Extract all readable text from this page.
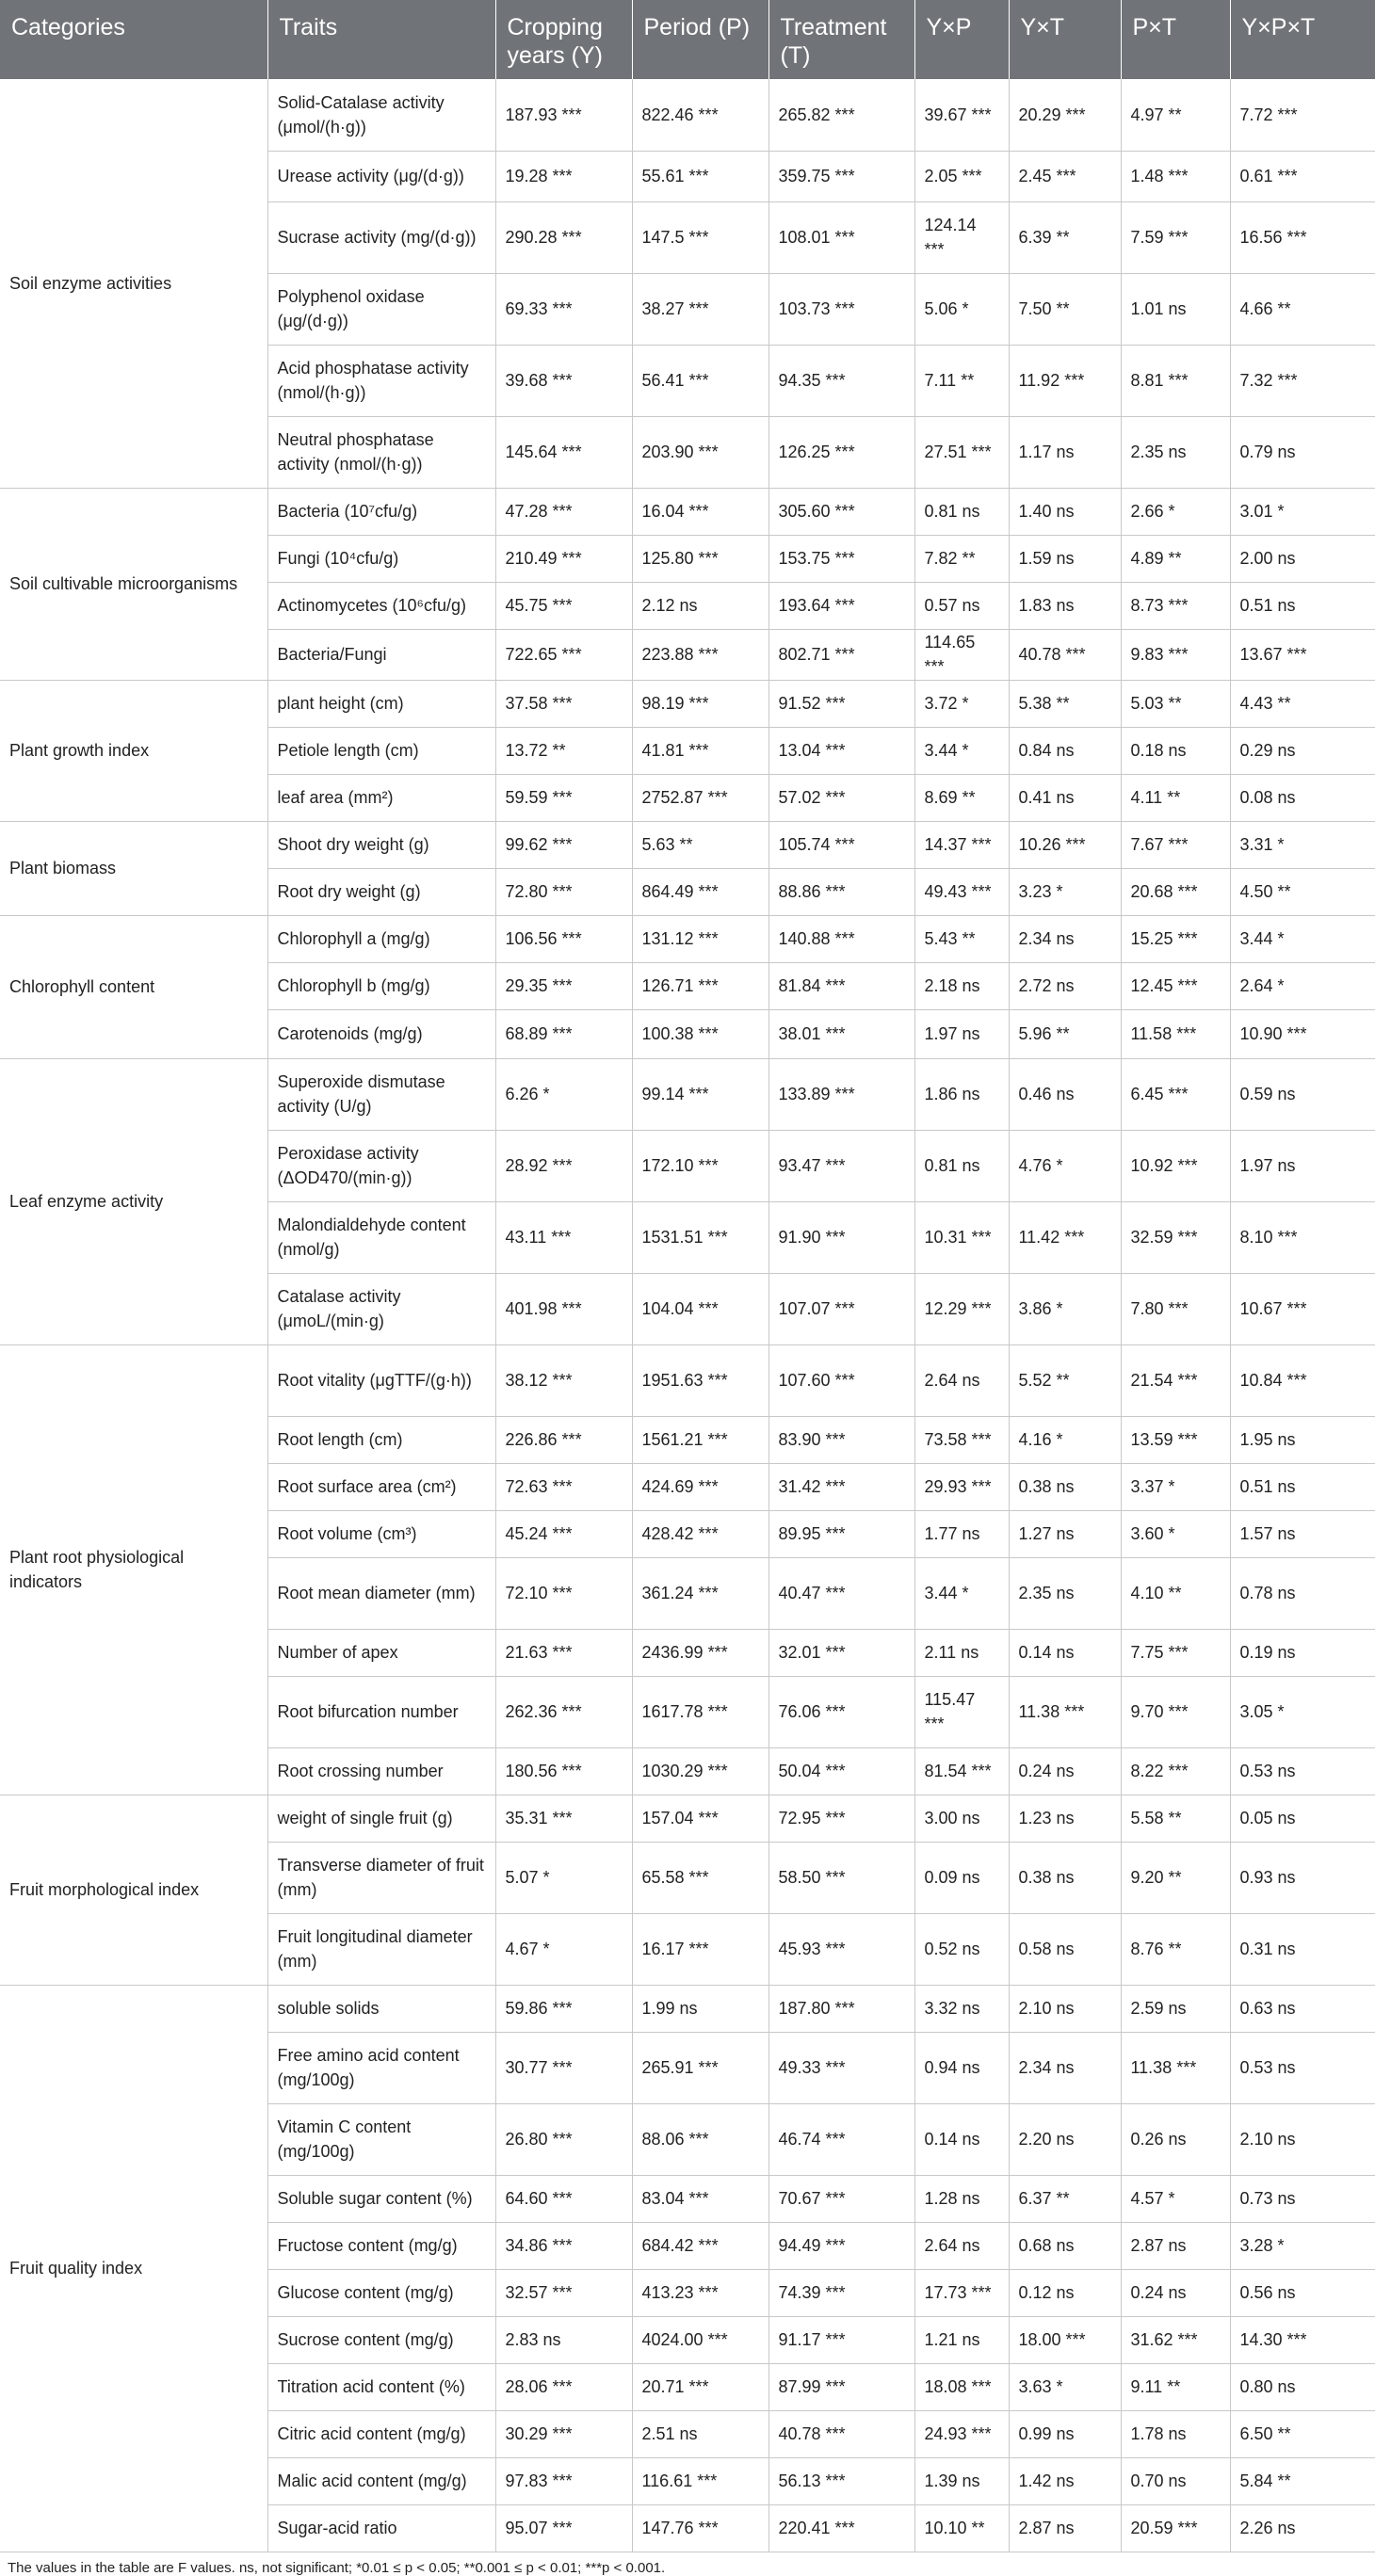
Categories	Traits	Cropping years (Y)	Period (P)	Treatment (T)	Y×P	Y×T	P×T	Y×P×T
Soil enzyme activities	Solid-Catalase activity (μmol/(h·g))	187.93 ***	822.46 ***	265.82 ***	39.67 ***	20.29 ***	4.97 **	7.72 ***
	Urease activity (μg/(d·g))	19.28 ***	55.61 ***	359.75 ***	2.05 ***	2.45 ***	1.48 ***	0.61 ***
	Sucrase activity (mg/(d·g))	290.28 ***	147.5 ***	108.01 ***	124.14 ***	6.39 **	7.59 ***	16.56 ***
	Polyphenol oxidase (μg/(d·g))	69.33 ***	38.27 ***	103.73 ***	5.06 *	7.50 **	1.01 ns	4.66 **
	Acid phosphatase activity (nmol/(h·g))	39.68 ***	56.41 ***	94.35 ***	7.11 **	11.92 ***	8.81 ***	7.32 ***
	Neutral phosphatase activity (nmol/(h·g))	145.64 ***	203.90 ***	126.25 ***	27.51 ***	1.17 ns	2.35 ns	0.79 ns
Soil cultivable microorganisms	Bacteria (10⁷cfu/g)	47.28 ***	16.04 ***	305.60 ***	0.81 ns	1.40 ns	2.66 *	3.01 *
	Fungi (10⁴cfu/g)	210.49 ***	125.80 ***	153.75 ***	7.82 **	1.59 ns	4.89 **	2.00 ns
	Actinomycetes (10⁶cfu/g)	45.75 ***	2.12 ns	193.64 ***	0.57 ns	1.83 ns	8.73 ***	0.51 ns
	Bacteria/Fungi	722.65 ***	223.88 ***	802.71 ***	114.65 ***	40.78 ***	9.83 ***	13.67 ***
Plant growth index	plant height (cm)	37.58 ***	98.19 ***	91.52 ***	3.72 *	5.38 **	5.03 **	4.43 **
	Petiole length (cm)	13.72 **	41.81 ***	13.04 ***	3.44 *	0.84 ns	0.18 ns	0.29 ns
	leaf area (mm²)	59.59 ***	2752.87 ***	57.02 ***	8.69 **	0.41 ns	4.11 **	0.08 ns
Plant biomass	Shoot dry weight (g)	99.62 ***	5.63 **	105.74 ***	14.37 ***	10.26 ***	7.67 ***	3.31 *
	Root dry weight (g)	72.80 ***	864.49 ***	88.86 ***	49.43 ***	3.23 *	20.68 ***	4.50 **
Chlorophyll content	Chlorophyll a (mg/g)	106.56 ***	131.12 ***	140.88 ***	5.43 **	2.34 ns	15.25 ***	3.44 *
	Chlorophyll b (mg/g)	29.35 ***	126.71 ***	81.84 ***	2.18 ns	2.72 ns	12.45 ***	2.64 *
	Carotenoids (mg/g)	68.89 ***	100.38 ***	38.01 ***	1.97 ns	5.96 **	11.58 ***	10.90 ***
Leaf enzyme activity	Superoxide dismutase activity (U/g)	6.26 *	99.14 ***	133.89 ***	1.86 ns	0.46 ns	6.45 ***	0.59 ns
	Peroxidase activity (ΔOD470/(min·g))	28.92 ***	172.10 ***	93.47 ***	0.81 ns	4.76 *	10.92 ***	1.97 ns
	Malondialdehyde content (nmol/g)	43.11 ***	1531.51 ***	91.90 ***	10.31 ***	11.42 ***	32.59 ***	8.10 ***
	Catalase activity (μmoL/(min·g)	401.98 ***	104.04 ***	107.07 ***	12.29 ***	3.86 *	7.80 ***	10.67 ***
Plant root physiological indicators	Root vitality (μgTTF/(g·h))	38.12 ***	1951.63 ***	107.60 ***	2.64 ns	5.52 **	21.54 ***	10.84 ***
	Root length (cm)	226.86 ***	1561.21 ***	83.90 ***	73.58 ***	4.16 *	13.59 ***	1.95 ns
	Root surface area (cm²)	72.63 ***	424.69 ***	31.42 ***	29.93 ***	0.38 ns	3.37 *	0.51 ns
	Root volume (cm³)	45.24 ***	428.42 ***	89.95 ***	1.77 ns	1.27 ns	3.60 *	1.57 ns
	Root mean diameter (mm)	72.10 ***	361.24 ***	40.47 ***	3.44 *	2.35 ns	4.10 **	0.78 ns
	Number of apex	21.63 ***	2436.99 ***	32.01 ***	2.11 ns	0.14 ns	7.75 ***	0.19 ns
	Root bifurcation number	262.36 ***	1617.78 ***	76.06 ***	115.47 ***	11.38 ***	9.70 ***	3.05 *
	Root crossing number	180.56 ***	1030.29 ***	50.04 ***	81.54 ***	0.24 ns	8.22 ***	0.53 ns
Fruit morphological index	weight of single fruit (g)	35.31 ***	157.04 ***	72.95 ***	3.00 ns	1.23 ns	5.58 **	0.05 ns
	Transverse diameter of fruit (mm)	5.07 *	65.58 ***	58.50 ***	0.09 ns	0.38 ns	9.20 **	0.93 ns
	Fruit longitudinal diameter (mm)	4.67 *	16.17 ***	45.93 ***	0.52 ns	0.58 ns	8.76 **	0.31 ns
Fruit quality index	soluble solids	59.86 ***	1.99 ns	187.80 ***	3.32 ns	2.10 ns	2.59 ns	0.63 ns
	Free amino acid content (mg/100g)	30.77 ***	265.91 ***	49.33 ***	0.94 ns	2.34 ns	11.38 ***	0.53 ns
	Vitamin C content (mg/100g)	26.80 ***	88.06 ***	46.74 ***	0.14 ns	2.20 ns	0.26 ns	2.10 ns
	Soluble sugar content (%)	64.60 ***	83.04 ***	70.67 ***	1.28 ns	6.37 **	4.57 *	0.73 ns
	Fructose content (mg/g)	34.86 ***	684.42 ***	94.49 ***	2.64 ns	0.68 ns	2.87 ns	3.28 *
	Glucose content (mg/g)	32.57 ***	413.23 ***	74.39 ***	17.73 ***	0.12 ns	0.24 ns	0.56 ns
	Sucrose content (mg/g)	2.83 ns	4024.00 ***	91.17 ***	1.21 ns	18.00 ***	31.62 ***	14.30 ***
	Titration acid content (%)	28.06 ***	20.71 ***	87.99 ***	18.08 ***	3.63 *	9.11 **	0.80 ns
	Citric acid content (mg/g)	30.29 ***	2.51 ns	40.78 ***	24.93 ***	0.99 ns	1.78 ns	6.50 **
	Malic acid content (mg/g)	97.83 ***	116.61 ***	56.13 ***	1.39 ns	1.42 ns	0.70 ns	5.84 **
	Sugar-acid ratio	95.07 ***	147.76 ***	220.41 ***	10.10 **	2.87 ns	20.59 ***	2.26 ns
The values in the table are F values. ns, not significant; *0.01 ≤ p < 0.05; **0.001 ≤ p < 0.01; ***p < 0.001.
